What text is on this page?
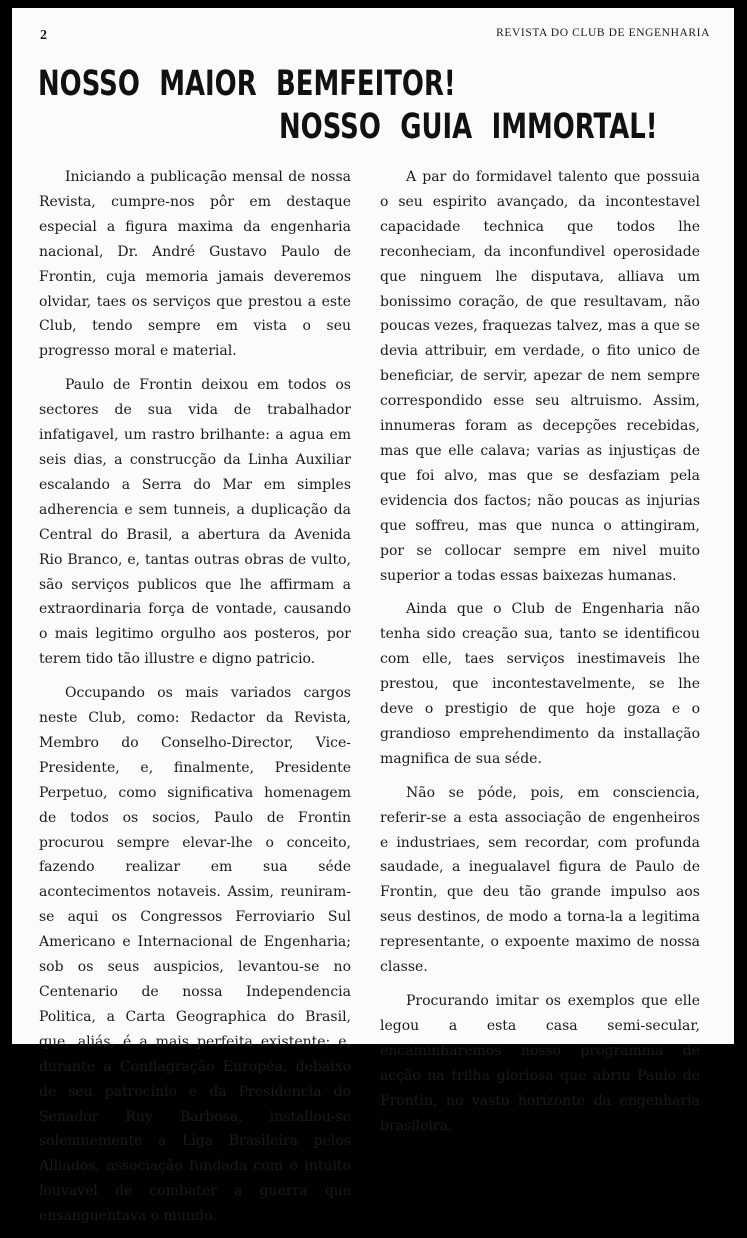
2	REVISTA DO CLUB DE ENGENHARIA
NOSSO MAIOR BEMFEITOR!
NOSSO GUIA IMMORTAL!

Iniciando a publicação mensal de nossa Revista, cumpre-nos pôr em destaque especial a figura maxima da engenharia nacional, Dr. André Gustavo Paulo de Frontin, cuja memoria jamais deveremos olvidar, taes os serviços que prestou a este Club, tendo sempre em vista o seu progresso moral e material.

Paulo de Frontin deixou em todos os sectores de sua vida de trabalhador infatigavel, um rastro brilhante: a agua em seis dias, a construcção da Linha Auxiliar escalando a Serra do Mar em simples adherencia e sem tunneis, a duplicação da Central do Brasil, a abertura da Avenida Rio Branco, e, tantas outras obras de vulto, são serviços publicos que lhe affirmam a extraordinaria força de vontade, causando o mais legitimo orgulho aos posteros, por terem tido tão illustre e digno patricio.

Occupando os mais variados cargos neste Club, como: Redactor da Revista, Membro do Conselho-Director, Vice-Presidente, e, finalmente, Presidente Perpetuo, como significativa homenagem de todos os socios, Paulo de Frontin procurou sempre elevar-lhe o conceito, fazendo realizar em sua séde acontecimentos notaveis. Assim, reuniram-se aqui os Congressos Ferroviario Sul Americano e Internacional de Engenharia; sob os seus auspicios, levantou-se no Centenario de nossa Independencia Politica, a Carta Geographica do Brasil, que, aliás, é a mais perfeita existente; e, durante a Conflagração Européa, debaixo de seu patrocinio e da Presidencia do Senador Ruy Barbosa, installou-se solemnemente a Liga Brasileira pelos Alliados, associação fundada com o intuito louvavel de combater a guerra que ensanguentava o mundo.

A par do formidavel talento que possuia o seu espirito avançado, da incontestavel capacidade technica que todos lhe reconheciam, da inconfundivel operosidade que ninguem lhe disputava, alliava um bonissimo coração, de que resultavam, não poucas vezes, fraquezas talvez, mas a que se devia attribuir, em verdade, o fito unico de beneficiar, de servir, apezar de nem sempre correspondido esse seu altruismo. Assim, innumeras foram as decepções recebidas, mas que elle calava; varias as injustiças de que foi alvo, mas que se desfaziam pela evidencia dos factos; não poucas as injurias que soffreu, mas que nunca o attingiram, por se collocar sempre em nivel muito superior a todas essas baixezas humanas.

Ainda que o Club de Engenharia não tenha sido creação sua, tanto se identificou com elle, taes serviços inestimaveis lhe prestou, que incontestavelmente, se lhe deve o prestigio de que hoje goza e o grandioso emprehendimento da installação magnifica de sua séde.

Não se póde, pois, em consciencia, referir-se a esta associação de engenheiros e industriaes, sem recordar, com profunda saudade, a inegualavel figura de Paulo de Frontin, que deu tão grande impulso aos seus destinos, de modo a torna-la a legitima representante, o expoente maximo de nossa classe.

Procurando imitar os exemplos que elle legou a esta casa semi-secular, encaminharemos nosso programma de acção na trilha gloriosa que abriu Paulo de Frontin, no vasto horizonte da engenharia brasileira.
